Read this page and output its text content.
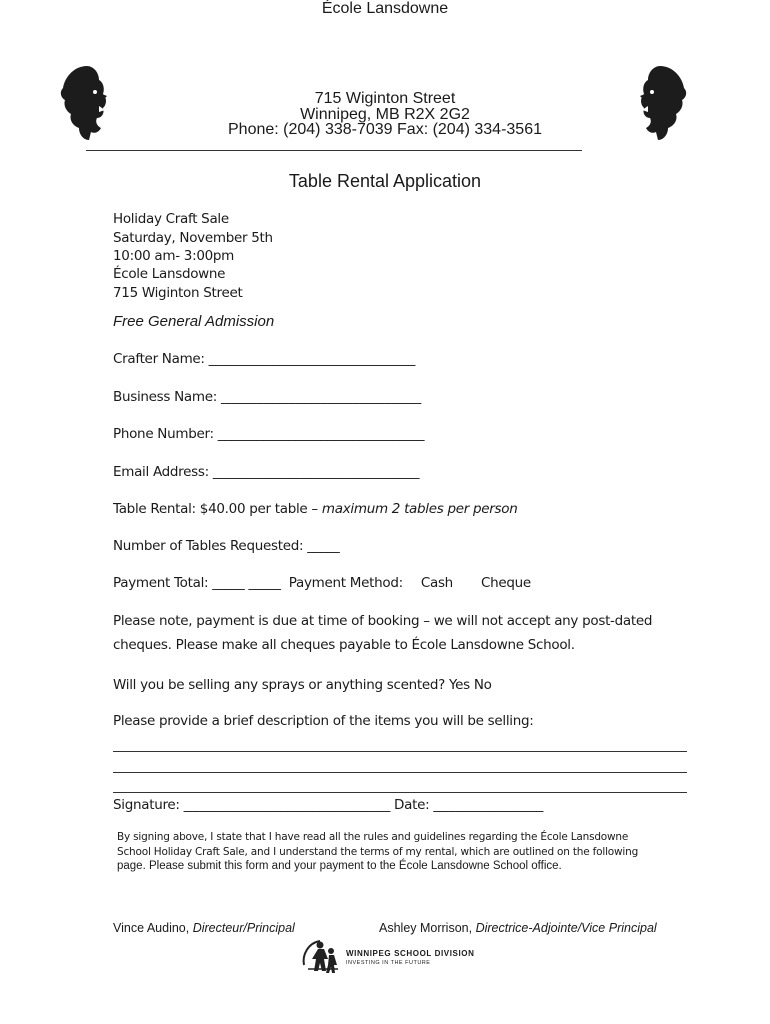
École Lansdowne
715 Wiginton Street
Winnipeg, MB R2X 2G2
Phone: (204) 338-7039 Fax: (204) 334-3561
Table Rental Application
Holiday Craft Sale
Saturday, November 5th
10:00 am- 3:00pm
École Lansdowne
715 Wiginton Street
Free General Admission
Crafter Name: ________________________________
Business Name: _______________________________
Phone Number: ________________________________
Email Address: ________________________________
Table Rental: $40.00 per table – maximum 2 tables per person
Number of Tables Requested: _____
Payment Total: _____ _____ Payment Method: Cash Cheque
Please note, payment is due at time of booking – we will not accept any post-dated
cheques. Please make all cheques payable to École Lansdowne School.
Will you be selling any sprays or anything scented? Yes No
Please provide a brief description of the items you will be selling:
Signature: ________________________________ Date: _________________
By signing above, I state that I have read all the rules and guidelines regarding the École Lansdowne
School Holiday Craft Sale, and I understand the terms of my rental, which are outlined on the following
page. Please submit this form and your payment to the École Lansdowne School office.
Vince Audino, Directeur/Principal	Ashley Morrison, Directrice-Adjointe/Vice Principal
WINNIPEG SCHOOL DIVISION
INVESTING IN THE FUTURE
